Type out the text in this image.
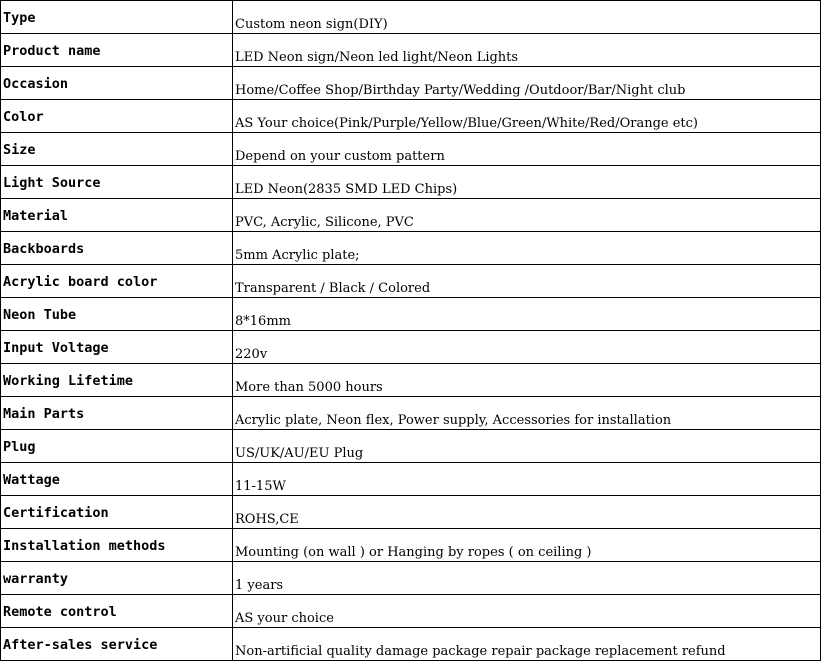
Type	Custom neon sign(DIY)
Product name	LED Neon sign/Neon led light/Neon Lights
Occasion	Home/Coffee Shop/Birthday Party/Wedding /Outdoor/Bar/Night club
Color	AS Your choice(Pink/Purple/Yellow/Blue/Green/White/Red/Orange etc)
Size	Depend on your custom pattern
Light Source	LED Neon(2835 SMD LED Chips)
Material	PVC, Acrylic, Silicone, PVC
Backboards	5mm Acrylic plate;
Acrylic board color	Transparent / Black / Colored
Neon Tube	8*16mm
Input Voltage	220v
Working Lifetime	More than 5000 hours
Main Parts	Acrylic plate, Neon flex, Power supply, Accessories for installation
Plug	US/UK/AU/EU Plug
Wattage	11-15W
Certification	ROHS,CE
Installation methods	Mounting (on wall ) or Hanging by ropes ( on ceiling )
warranty	1 years
Remote control	AS your choice
After-sales service	Non-artificial quality damage package repair package replacement refund
